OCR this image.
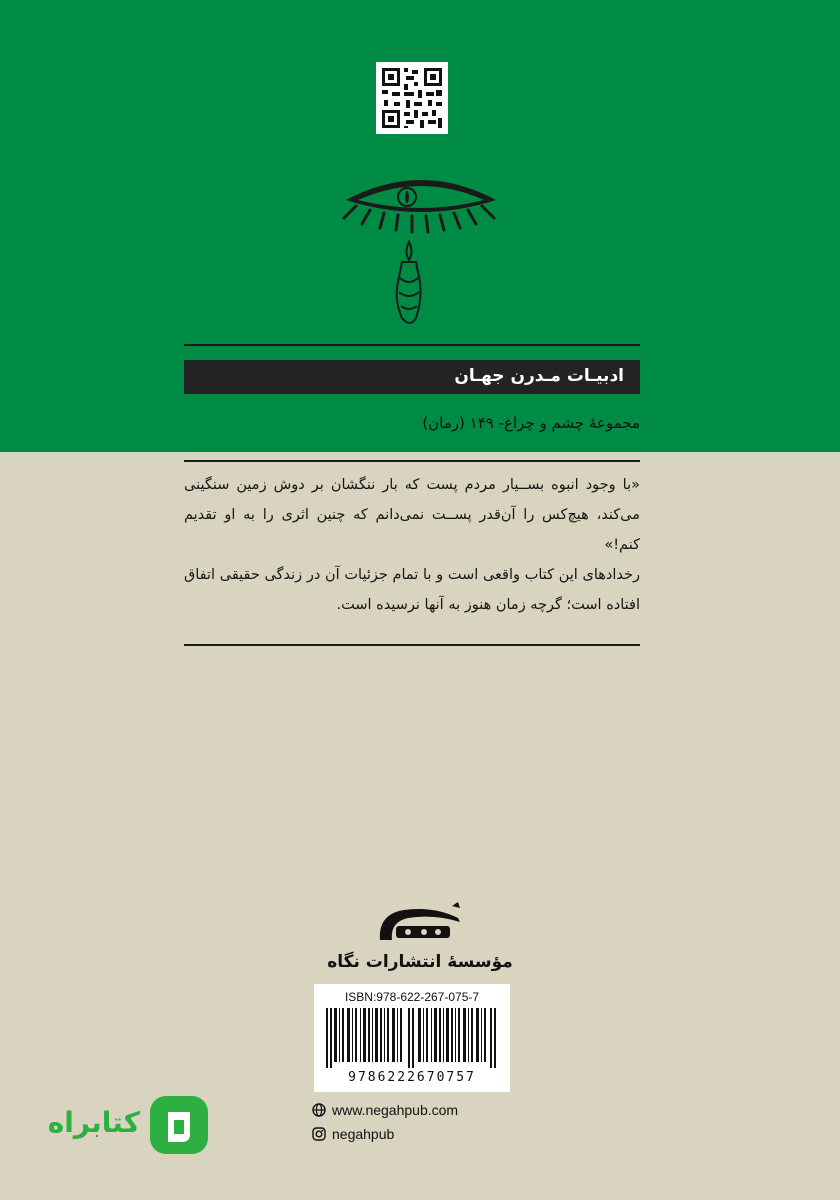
ادبیـات مـدرن جهـان
مجموعهٔ چشم و چراغ- ۱۴۹ (رمان)

«با وجود انبوه بســیار مردم پست که بار ننگشان بر دوش زمین سنگینی می‌کند، هیچ‌کس را آن‌قدر پســت نمی‌دانم که چنین اثری را به او تقدیم کنم!»

رخدادهای این کتاب واقعی است و با تمام جزئیات آن در زندگی حقیقی اتفاق افتاده است؛ گرچه زمان هنوز به آنها نرسیده است.

مؤسسهٔ انتشارات نگاه
ISBN:978-622-267-075-7
9786222670757
www.negahpub.com
negahpub
کتابراه
